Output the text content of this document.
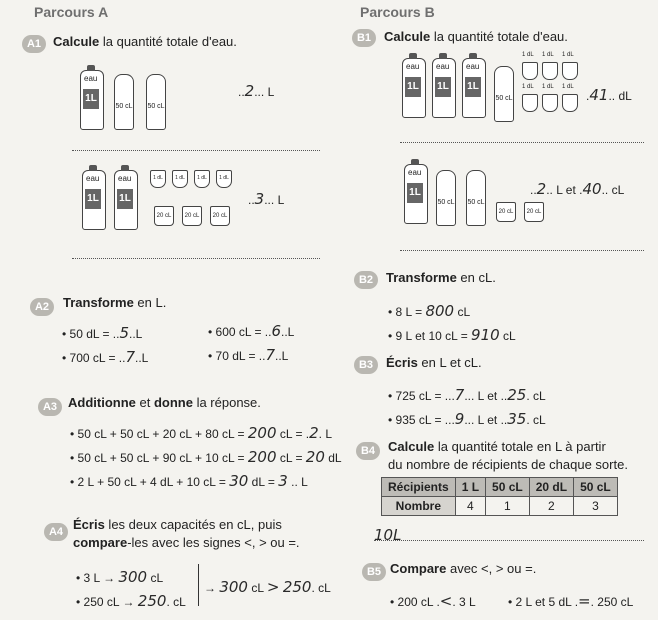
Parcours A	Parcours B
A1 Calcule la quantité totale d'eau.
1L
eau
50 cL 50 cL
..2... L
1L
eau
1L
eau	1 dL	1 dL	1 dL	1 dL
20 cL	20 cL	20 cL
..3... L
A2	Transforme en L.
• 50 dL = ..5..L	• 600 cL = ..6..L
• 700 cL = ..7..L	• 70 dL = ..7..L
A3 Additionne et donne la réponse.
• 50 cL + 50 cL + 20 cL + 80 cL = 200 cL = .2. L
• 50 cL + 50 cL + 90 cL + 10 cL = 200 cL = 20 dL
• 2 L + 50 cL + 4 dL + 10 cL = 30 dL = 3 .. L
A4 Écris les deux capacités en cL, puis
compare-les avec les signes <, > ou =.
• 3 L → 300 cL
• 250 cL → 250. cL
→ 300 cL > 250. cL
B1 Calcule la quantité totale d'eau.
1L
eau
1L
eau
1L
eau
50 cL
1 dL 1 dL 1 dL
1 dL 1 dL 1 dL
.41.. dL
1L
eau
50 cL 50 cL
20 cL	20 cL
..2.. L et .40.. cL
B2 Transforme en cL.
• 8 L = 800 cL
• 9 L et 10 cL = 910 cL
B3 Écris en L et cL.
• 725 cL = ...7... L et ..25. cL
• 935 cL = ...9... L et ..35. cL
B4 Calcule la quantité totale en L à partir
du nombre de récipients de chaque sorte.
Récipients	1 L	50 cL	20 dL	50 cL
Nombre	4	1	2	3
10L
B5 Compare avec <, > ou =.
• 200 cL .<. 3 L	• 2 L et 5 dL .=. 250 cL
